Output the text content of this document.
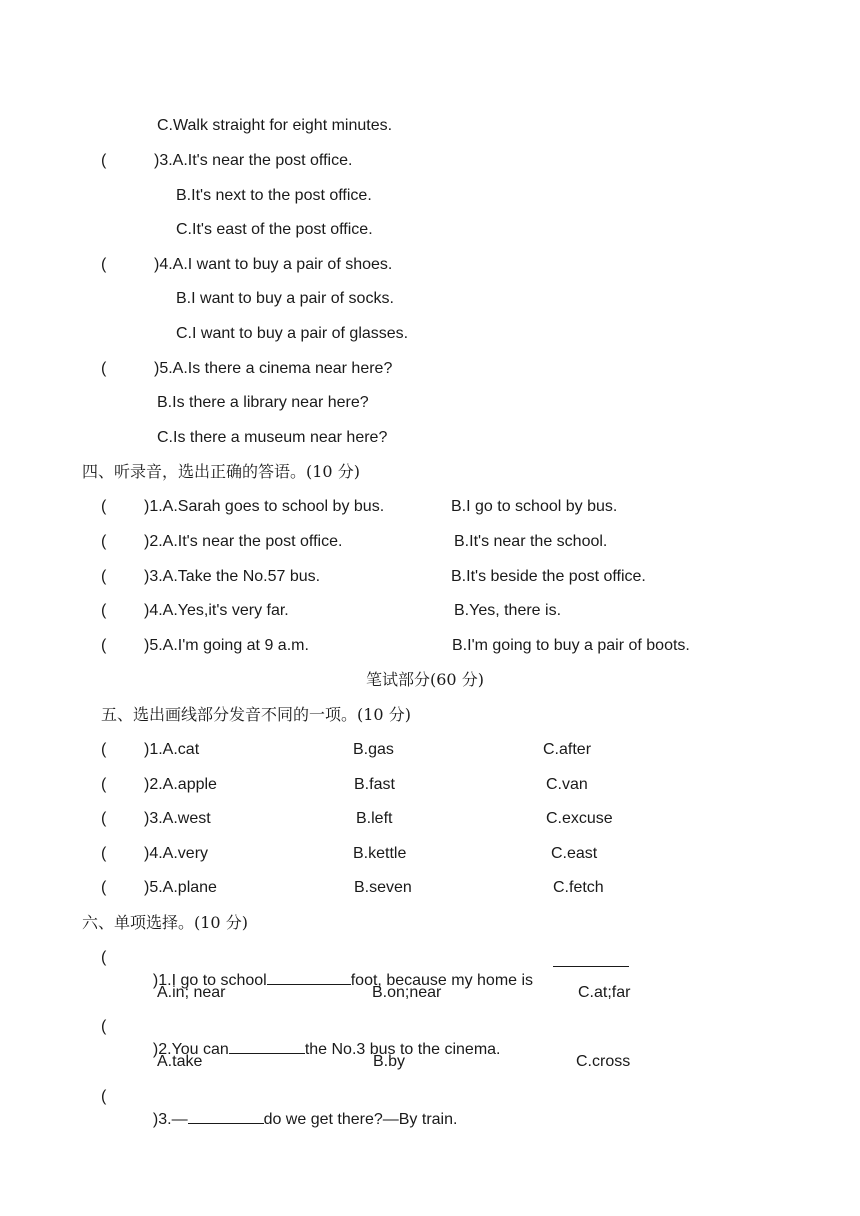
C.Walk straight for eight minutes.
(	)3.A.It's near the post office.
B.It's next to the post office.
C.It's east of the post office.
(	)4.A.I want to buy a pair of shoes.
B.I want to buy a pair of socks.
C.I want to buy a pair of glasses.
(	)5.A.Is there a cinema near here?
B.Is there a library near here?
C.Is there a museum near here?
四、听录音，选出正确的答语。(10 分)
( )1.A.Sarah goes to school by bus.	B.I go to school by bus.
( )2.A.It's near the post office.	B.It's near the school.
( )3.A.Take the No.57 bus.	B.It's beside the post office.
( )4.A.Yes,it's very far.	B.Yes, there is.
( )5.A.I'm going at 9 a.m.	B.I'm going to buy a pair of boots.
笔试部分(60 分)
五、选出画线部分发音不同的一项。(10 分)
( )1.A.cat	B.gas	C.after
( )2.A.apple	B.fast	C.van
( )3.A.west	B.left	C.excuse
( )4.A.very	B.kettle	C.east
( )5.A.plane	B.seven	C.fetch
六、单项选择。(10 分)
(

)1.I go to school	foot, because my home is

A.in; near	B.on;near	C.at;far
(

)2.You can	the No.3 bus to the cinema.

A.take	B.by	C.cross
(

)3.—	do we get there?—By train.
